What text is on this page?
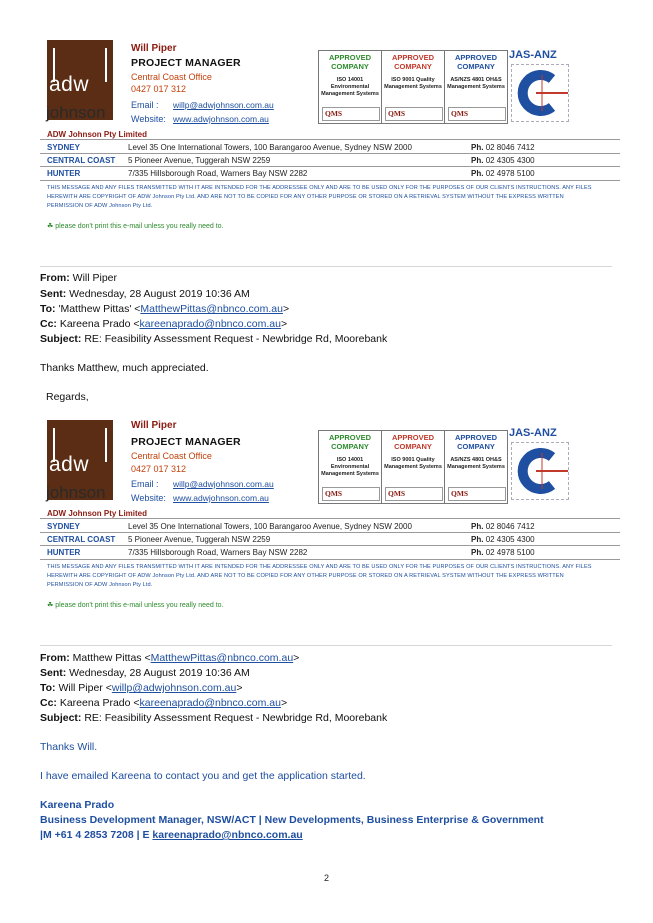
adw
johnson
Will Piper
PROJECT MANAGER
Central Coast Office
0427 017 312
Email : willp@adwjohnson.com.au
Website: www.adwjohnson.com.au
APPROVED COMPANY
ISO 14001 Environmental Management Systems
QMS
APPROVED COMPANY
ISO 9001 Quality Management Systems
QMS
APPROVED COMPANY
AS/NZS 4801 OH&S Management Systems
QMS
JAS-ANZ
ADW Johnson Pty Limited
SYDNEY	Level 35 One International Towers, 100 Barangaroo Avenue, Sydney NSW 2000	Ph. 02 8046 7412
CENTRAL COAST 5 Pioneer Avenue, Tuggerah NSW 2259	Ph. 02 4305 4300
HUNTER	7/335 Hillsborough Road, Warners Bay NSW 2282	Ph. 02 4978 5100
THIS MESSAGE AND ANY FILES TRANSMITTED WITH IT ARE INTENDED FOR THE ADDRESSEE ONLY AND ARE TO BE USED ONLY FOR THE PURPOSES OF OUR CLIENTS INSTRUCTIONS. ANY FILES HEREWITH ARE COPYRIGHT OF ADW Johnson Pty Ltd. AND ARE NOT TO BE COPIED FOR ANY OTHER PURPOSE OR STORED ON A RETRIEVAL SYSTEM WITHOUT THE EXPRESS WRITTEN PERMISSION OF ADW Johnson Pty Ltd.
☘ please don't print this e-mail unless you really need to.
From: Will Piper
Sent: Wednesday, 28 August 2019 10:36 AM
To: 'Matthew Pittas' <MatthewPittas@nbnco.com.au>
Cc: Kareena Prado <kareenaprado@nbnco.com.au>
Subject: RE: Feasibility Assessment Request - Newbridge Rd, Moorebank
Thanks Matthew, much appreciated.
Regards,
adw
johnson
Will Piper
PROJECT MANAGER
Central Coast Office
0427 017 312
Email : willp@adwjohnson.com.au
Website: www.adwjohnson.com.au
APPROVED COMPANY
ISO 14001 Environmental Management Systems
QMS
APPROVED COMPANY
ISO 9001 Quality Management Systems
QMS
APPROVED COMPANY
AS/NZS 4801 OH&S Management Systems
QMS
JAS-ANZ
ADW Johnson Pty Limited
SYDNEY	Level 35 One International Towers, 100 Barangaroo Avenue, Sydney NSW 2000	Ph. 02 8046 7412
CENTRAL COAST 5 Pioneer Avenue, Tuggerah NSW 2259	Ph. 02 4305 4300
HUNTER	7/335 Hillsborough Road, Warners Bay NSW 2282	Ph. 02 4978 5100
THIS MESSAGE AND ANY FILES TRANSMITTED WITH IT ARE INTENDED FOR THE ADDRESSEE ONLY AND ARE TO BE USED ONLY FOR THE PURPOSES OF OUR CLIENTS INSTRUCTIONS. ANY FILES HEREWITH ARE COPYRIGHT OF ADW Johnson Pty Ltd. AND ARE NOT TO BE COPIED FOR ANY OTHER PURPOSE OR STORED ON A RETRIEVAL SYSTEM WITHOUT THE EXPRESS WRITTEN PERMISSION OF ADW Johnson Pty Ltd.
☘ please don't print this e-mail unless you really need to.
From: Matthew Pittas <MatthewPittas@nbnco.com.au>
Sent: Wednesday, 28 August 2019 10:36 AM
To: Will Piper <willp@adwjohnson.com.au>
Cc: Kareena Prado <kareenaprado@nbnco.com.au>
Subject: RE: Feasibility Assessment Request - Newbridge Rd, Moorebank
Thanks Will.
I have emailed Kareena to contact you and get the application started.
Kareena Prado
Business Development Manager, NSW/ACT | New Developments, Business Enterprise & Government
|M +61 4 2853 7208 | E kareenaprado@nbnco.com.au
2
